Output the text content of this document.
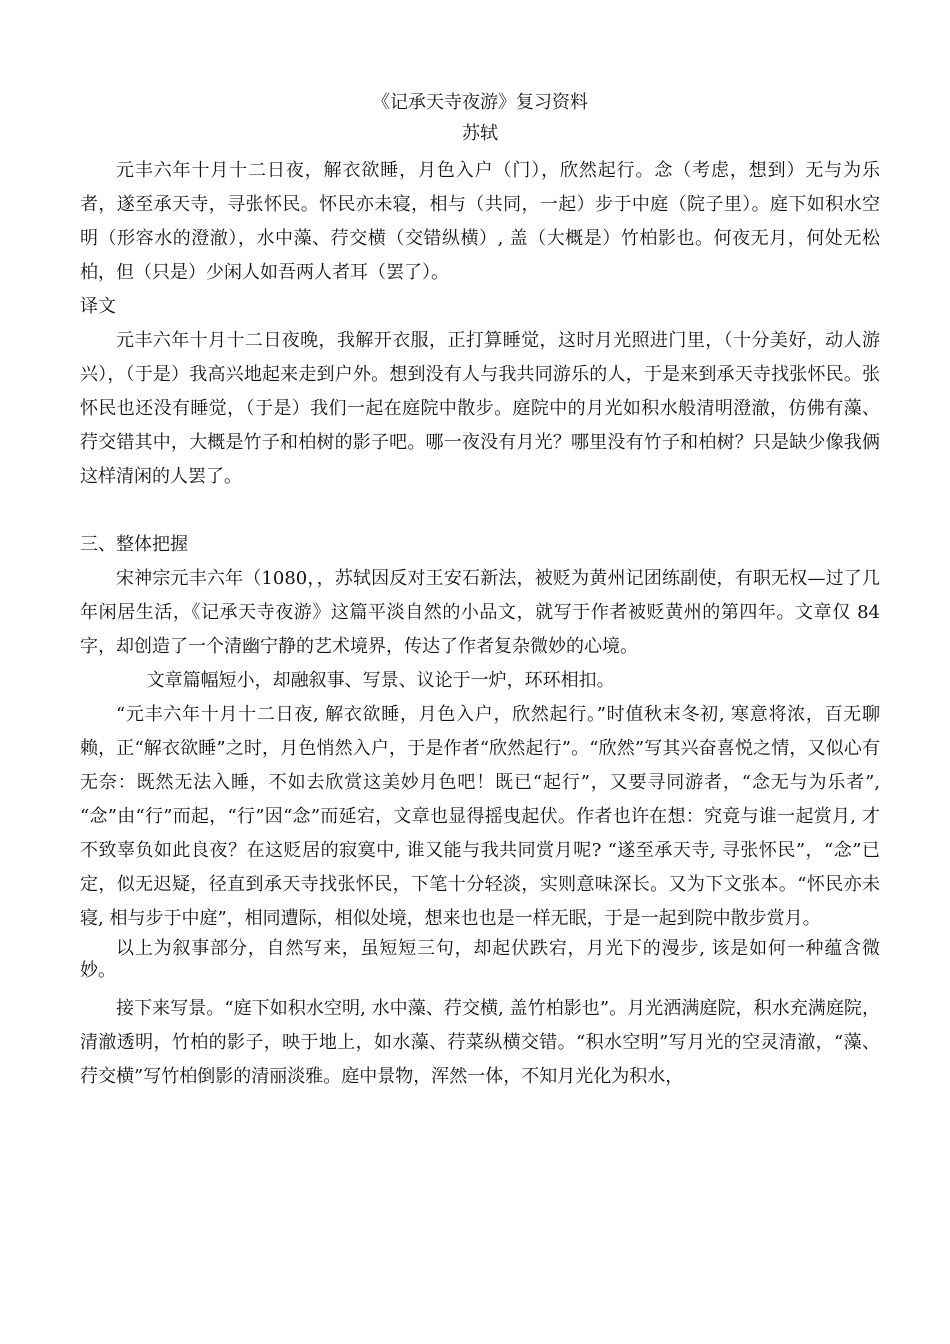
《记承天寺夜游》复习资料
苏轼

元丰六年十月十二日夜，解衣欲睡，月色入户（门），欣然起行。念（考虑，想到）无与为乐者，遂至承天寺，寻张怀民。怀民亦未寝，相与（共同，一起）步于中庭（院子里）。庭下如积水空明（形容水的澄澈），水中藻、荇交横（交错纵横）, 盖（大概是）竹柏影也。何夜无月，何处无松柏，但（只是）少闲人如吾两人者耳（罢了）。

译文

元丰六年十月十二日夜晚，我解开衣服，正打算睡觉，这时月光照进门里，（十分美好，动人游兴），（于是）我高兴地起来走到户外。想到没有人与我共同游乐的人，于是来到承天寺找张怀民。张怀民也还没有睡觉，（于是）我们一起在庭院中散步。庭院中的月光如积水般清明澄澈，仿佛有藻、荇交错其中，大概是竹子和柏树的影子吧。哪一夜没有月光？哪里没有竹子和柏树？只是缺少像我俩这样清闲的人罢了。

三、整体把握

宋神宗元丰六年（1080，，苏轼因反对王安石新法，被贬为黄州记团练副使，有职无权—过了几年闲居生活，《记承天寺夜游》这篇平淡自然的小品文，就写于作者被贬黄州的第四年。文章仅 84 字，却创造了一个清幽宁静的艺术境界，传达了作者复杂微妙的心境。

文章篇幅短小，却融叙事、写景、议论于一炉，环环相扣。

“元丰六年十月十二日夜, 解衣欲睡，月色入户，欣然起行。”时值秋末冬初, 寒意将浓，百无聊赖，正“解衣欲睡”之时，月色悄然入户，于是作者“欣然起行”。“欣然”写其兴奋喜悦之情，又似心有无奈：既然无法入睡，不如去欣赏这美妙月色吧！既已“起行”，又要寻同游者，“念无与为乐者”, “念”由“行”而起，“行”因“念”而延宕，文章也显得摇曳起伏。作者也许在想：究竟与谁一起赏月, 才不致辜负如此良夜？在这贬居的寂寞中, 谁又能与我共同赏月呢? “遂至承天寺, 寻张怀民”，“念”已定，似无迟疑，径直到承天寺找张怀民，下笔十分轻淡，实则意味深长。又为下文张本。“怀民亦未寝, 相与步于中庭”，相同遭际，相似处境，想来也也是一样无眠，于是一起到院中散步赏月。

以上为叙事部分，自然写来，虽短短三句，却起伏跌宕，月光下的漫步, 该是如何一种蕴含微妙。

接下来写景。“庭下如积水空明, 水中藻、荇交横, 盖竹柏影也”。月光洒满庭院，积水充满庭院，清澈透明，竹柏的影子，映于地上，如水藻、荇菜纵横交错。“积水空明”写月光的空灵清澈，“藻、荇交横”写竹柏倒影的清丽淡雅。庭中景物，浑然一体，不知月光化为积水，
